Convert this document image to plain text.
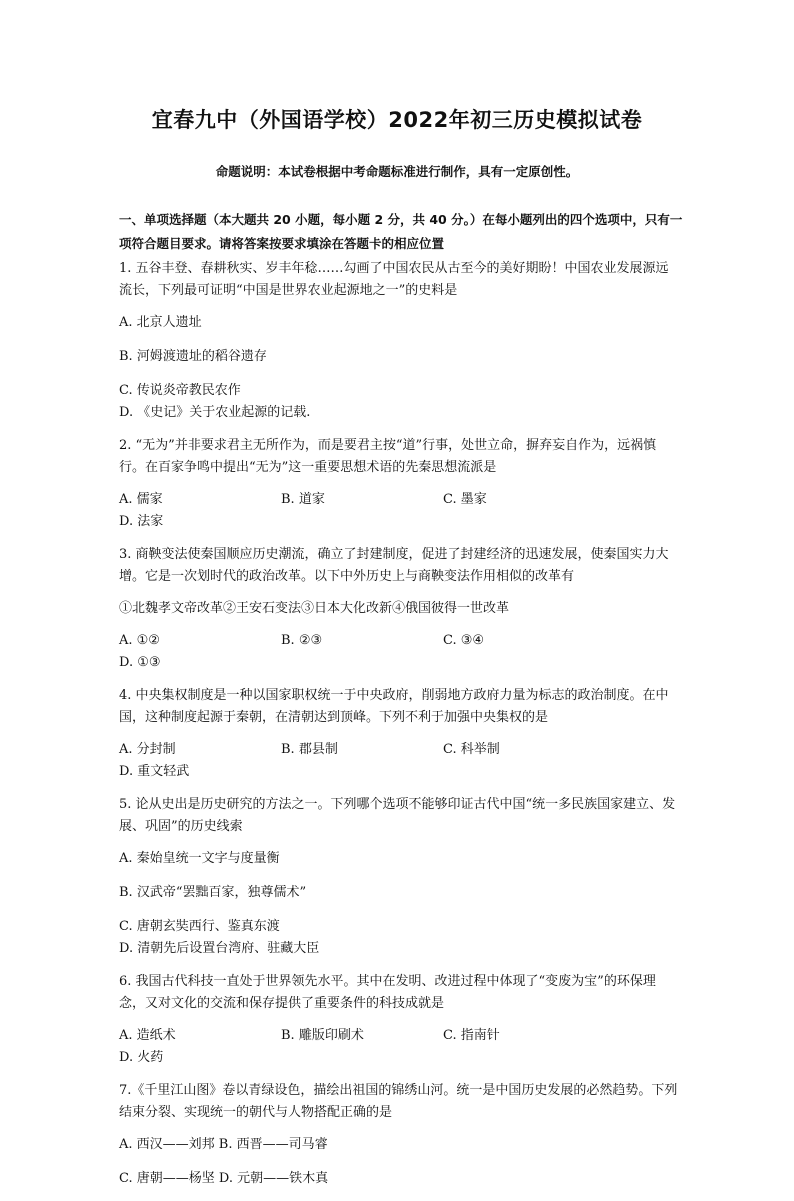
宜春九中（外国语学校）2022年初三历史模拟试卷
命题说明：本试卷根据中考命题标准进行制作，具有一定原创性。
一、单项选择题（本大题共 20 小题，每小题 2 分，共 40 分。）在每小题列出的四个选项中，只有一 项符合题目要求。请将答案按要求填涂在答题卡的相应位置
1. 五谷丰登、春耕秋实、岁丰年稔……勾画了中国农民从古至今的美好期盼！中国农业发展源远流长，下列最可证明“中国是世界农业起源地之一”的史料是
A. 北京人遗址
B. 河姆渡遗址的稻谷遗存
C. 传说炎帝教民农作
D. 《史记》关于农业起源的记载.
2. “无为”并非要求君主无所作为，而是要君主按“道”行事，处世立命，摒弃妄自作为，远祸慎行。在百家争鸣中提出“无为”这一重要思想术语的先秦思想流派是
A. 儒家	B. 道家	C. 墨家
D. 法家
3. 商鞅变法使秦国顺应历史潮流，确立了封建制度，促进了封建经济的迅速发展，使秦国实力大增。它是一次划时代的政治改革。以下中外历史上与商鞅变法作用相似的改革有
①北魏孝文帝改革②王安石变法③日本大化改新④俄国彼得一世改革
A. ①②	B. ②③	C. ③④
D. ①③
4. 中央集权制度是一种以国家职权统一于中央政府，削弱地方政府力量为标志的政治制度。在中国，这种制度起源于秦朝，在清朝达到顶峰。下列不利于加强中央集权的是
A. 分封制	B. 郡县制	C. 科举制
D. 重文轻武
5. 论从史出是历史研究的方法之一。下列哪个选项不能够印证古代中国“统一多民族国家建立、发展、巩固”的历史线索
A. 秦始皇统一文字与度量衡
B. 汉武帝“罢黜百家，独尊儒术”
C. 唐朝玄奘西行、鉴真东渡
D. 清朝先后设置台湾府、驻藏大臣
6. 我国古代科技一直处于世界领先水平。其中在发明、改进过程中体现了“变废为宝”的环保理念，又对文化的交流和保存提供了重要条件的科技成就是
A. 造纸术	B. 雕版印刷术	C. 指南针
D. 火药
7.《千里江山图》卷以青绿设色，描绘出祖国的锦绣山河。统一是中国历史发展的必然趋势。下列结束分裂、实现统一的朝代与人物搭配正确的是
A. 西汉——刘邦 B. 西晋——司马睿
C. 唐朝——杨坚 D. 元朝——铁木真
